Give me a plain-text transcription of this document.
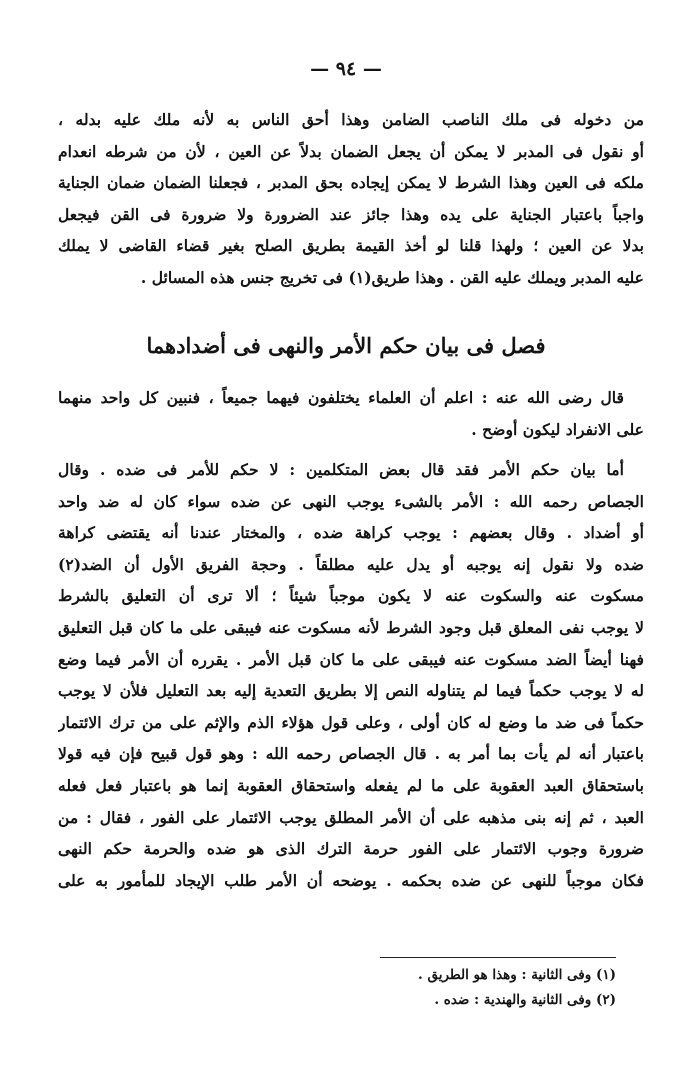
— ٩٤ —
من دخوله فى ملك الناصب الضامن وهذا أحق الناس به لأنه ملك عليه بدله ،
أو نقول فى المدبر لا يمكن أن يجعل الضمان بدلاً عن العين ، لأن من شرطه انعدام
ملكه فى العين وهذا الشرط لا يمكن إيجاده بحق المدبر ، فجعلنا الضمان ضمان الجناية
واجباً باعتبار الجناية على يده وهذا جائز عند الضرورة ولا ضرورة فى القن فيجعل
بدلا عن العين ؛ ولهذا قلنا لو أخذ القيمة بطريق الصلح بغير قضاء القاضى لا يملك
عليه المدبر ويملك عليه القن . وهذا طريق(١) فى تخريج جنس هذه المسائل .
فصل فى بيان حكم الأمر والنهى فى أضدادهما
قال رضى الله عنه : اعلم أن العلماء يختلفون فيهما جميعاً ، فنبين كل واحد منهما
على الانفراد ليكون أوضح .
أما بيان حكم الأمر فقد قال بعض المتكلمين : لا حكم للأمر فى ضده . وقال
الجصاص رحمه الله : الأمر بالشىء يوجب النهى عن ضده سواء كان له ضد واحد
أو أضداد . وقال بعضهم : يوجب كراهة ضده ، والمختار عندنا أنه يقتضى كراهة
ضده ولا نقول إنه يوجبه أو يدل عليه مطلقاً . وحجة الفريق الأول أن الضد(٢)
مسكوت عنه والسكوت عنه لا يكون موجباً شيئاً ؛ ألا ترى أن التعليق بالشرط
لا يوجب نفى المعلق قبل وجود الشرط لأنه مسكوت عنه فيبقى على ما كان قبل التعليق
فهنا أيضاً الضد مسكوت عنه فيبقى على ما كان قبل الأمر . يقرره أن الأمر فيما وضع
له لا يوجب حكماً فيما لم يتناوله النص إلا بطريق التعدية إليه بعد التعليل فلأن لا يوجب
حكماً فى ضد ما وضع له كان أولى ، وعلى قول هؤلاء الذم والإثم على من ترك الائتمار
باعتبار أنه لم يأت بما أمر به . قال الجصاص رحمه الله : وهو قول قبيح فإن فيه قولا
باستحقاق العبد العقوبة على ما لم يفعله واستحقاق العقوبة إنما هو باعتبار فعل فعله
العبد ، ثم إنه بنى مذهبه على أن الأمر المطلق يوجب الائتمار على الفور ، فقال : من
ضرورة وجوب الائتمار على الفور حرمة الترك الذى هو ضده والحرمة حكم النهى
فكان موجباً للنهى عن ضده بحكمه . يوضحه أن الأمر طلب الإيجاد للمأمور به على
(١) وفى الثانية : وهذا هو الطريق .
(٢) وفى الثانية والهندية : ضده .
